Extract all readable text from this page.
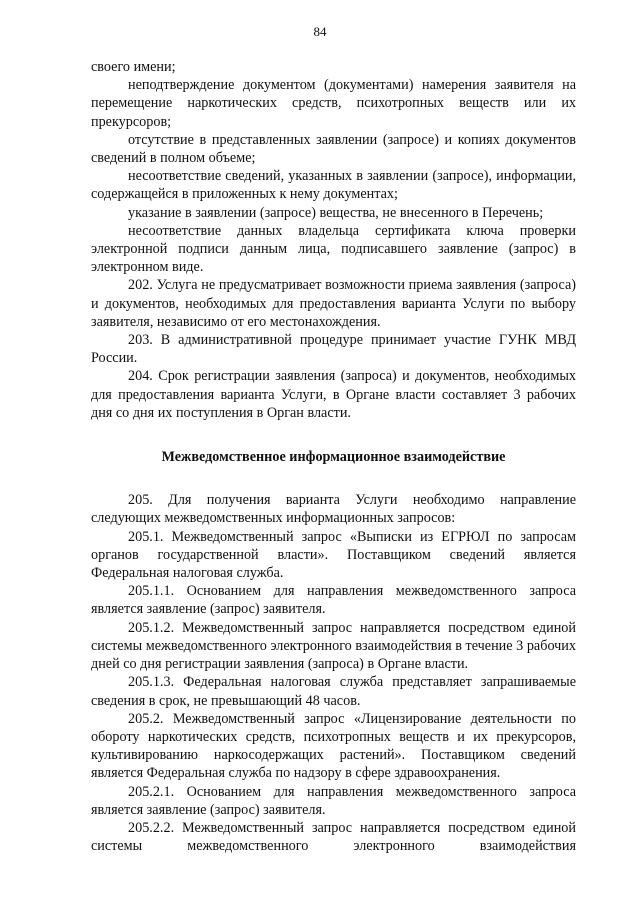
84

своего имени;

неподтверждение документом (документами) намерения заявителя на перемещение наркотических средств, психотропных веществ или их прекурсоров;

отсутствие в представленных заявлении (запросе) и копиях документов сведений в полном объеме;

несоответствие сведений, указанных в заявлении (запросе), информации, содержащейся в приложенных к нему документах;

указание в заявлении (запросе) вещества, не внесенного в Перечень;

несоответствие данных владельца сертификата ключа проверки электронной подписи данным лица, подписавшего заявление (запрос) в электронном виде.

202. Услуга не предусматривает возможности приема заявления (запроса) и документов, необходимых для предоставления варианта Услуги по выбору заявителя, независимо от его местонахождения.

203. В административной процедуре принимает участие ГУНК МВД России.

204. Срок регистрации заявления (запроса) и документов, необходимых для предоставления варианта Услуги, в Органе власти составляет 3 рабочих дня со дня их поступления в Орган власти.

Межведомственное информационное взаимодействие

205. Для получения варианта Услуги необходимо направление следующих межведомственных информационных запросов:

205.1. Межведомственный запрос «Выписки из ЕГРЮЛ по запросам органов государственной власти». Поставщиком сведений является Федеральная налоговая служба.

205.1.1. Основанием для направления межведомственного запроса является заявление (запрос) заявителя.

205.1.2. Межведомственный запрос направляется посредством единой системы межведомственного электронного взаимодействия в течение 3 рабочих дней со дня регистрации заявления (запроса) в Органе власти.

205.1.3. Федеральная налоговая служба представляет запрашиваемые сведения в срок, не превышающий 48 часов.

205.2. Межведомственный запрос «Лицензирование деятельности по обороту наркотических средств, психотропных веществ и их прекурсоров, культивированию наркосодержащих растений». Поставщиком сведений является Федеральная служба по надзору в сфере здравоохранения.

205.2.1. Основанием для направления межведомственного запроса является заявление (запрос) заявителя.

205.2.2. Межведомственный запрос направляется посредством единой системы межведомственного электронного взаимодействия
